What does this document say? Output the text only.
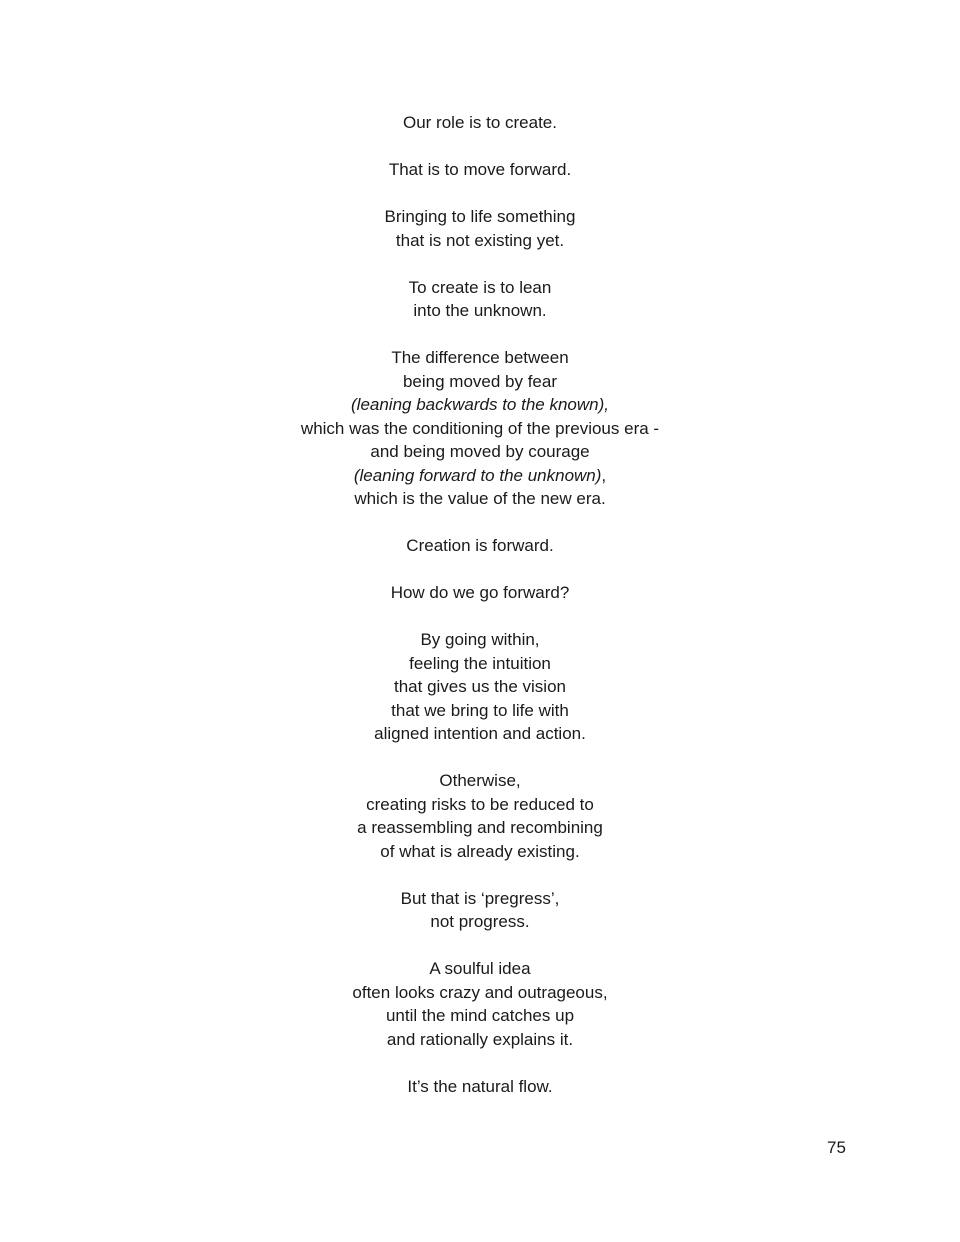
Our role is to create.
That is to move forward.
Bringing to life something
that is not existing yet.
To create is to lean
into the unknown.
The difference between
being moved by fear
(leaning backwards to the known),
which was the conditioning of the previous era -
and being moved by courage
(leaning forward to the unknown),
which is the value of the new era.
Creation is forward.
How do we go forward?
By going within,
feeling the intuition
that gives us the vision
that we bring to life with
aligned intention and action.
Otherwise,
creating risks to be reduced to
a reassembling and recombining
of what is already existing.
But that is ‘pregress’,
not progress.
A soulful idea
often looks crazy and outrageous,
until the mind catches up
and rationally explains it.
It’s the natural flow.
75
